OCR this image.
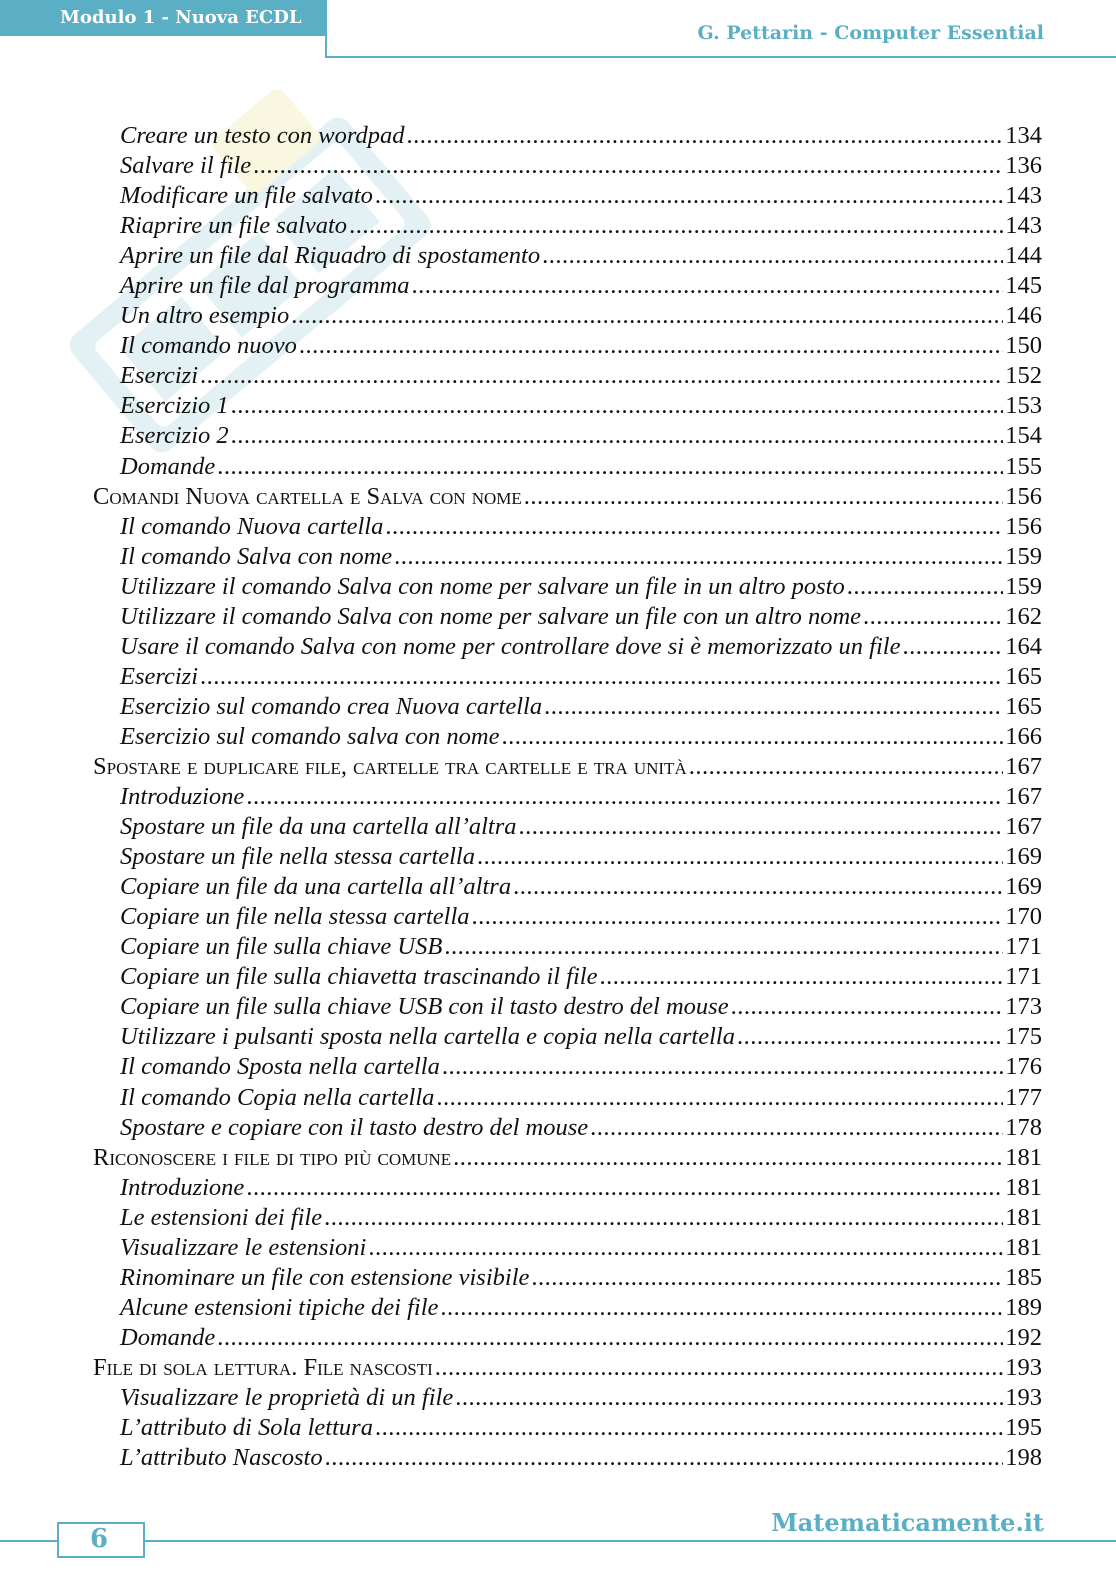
Modulo 1 - Nuova ECDL
G. Pettarin - Computer Essential
Creare un testo con wordpad .....	134
Salvare il file .....	136
Modificare un file salvato .....	143
Riaprire un file salvato .....	143
Aprire un file dal Riquadro di spostamento .....	144
Aprire un file dal programma .....	145
Un altro esempio .....	146
Il comando nuovo .....	150
Esercizi .....	152
Esercizio 1 .....	153
Esercizio 2 .....	154
Domande .....	155
Comandi Nuova cartella e Salva con nome .....	156
Il comando Nuova cartella .....	156
Il comando Salva con nome .....	159
Utilizzare il comando Salva con nome per salvare un file in un altro posto .....	159
Utilizzare il comando Salva con nome per salvare un file con un altro nome .....	162
Usare il comando Salva con nome per controllare dove si è memorizzato un file .....	164
Esercizi .....	165
Esercizio sul comando crea Nuova cartella .....	165
Esercizio sul comando salva con nome .....	166
Spostare e duplicare file, cartelle tra cartelle e tra unità .....	167
Introduzione .....	167
Spostare un file da una cartella all’altra .....	167
Spostare un file nella stessa cartella .....	169
Copiare un file da una cartella all’altra .....	169
Copiare un file nella stessa cartella .....	170
Copiare un file sulla chiave USB .....	171
Copiare un file sulla chiavetta trascinando il file .....	171
Copiare un file sulla chiave USB con il tasto destro del mouse .....	173
Utilizzare i pulsanti sposta nella cartella e copia nella cartella .....	175
Il comando Sposta nella cartella .....	176
Il comando Copia nella cartella .....	177
Spostare e copiare con il tasto destro del mouse .....	178
Riconoscere i file di tipo più comune .....	181
Introduzione .....	181
Le estensioni dei file .....	181
Visualizzare le estensioni .....	181
Rinominare un file con estensione visibile .....	185
Alcune estensioni tipiche dei file .....	189
Domande .....	192
File di sola lettura. File nascosti .....	193
Visualizzare le proprietà di un file .....	193
L’attributo di Sola lettura .....	195
L’attributo Nascosto .....	198
6
Matematicamente.it
